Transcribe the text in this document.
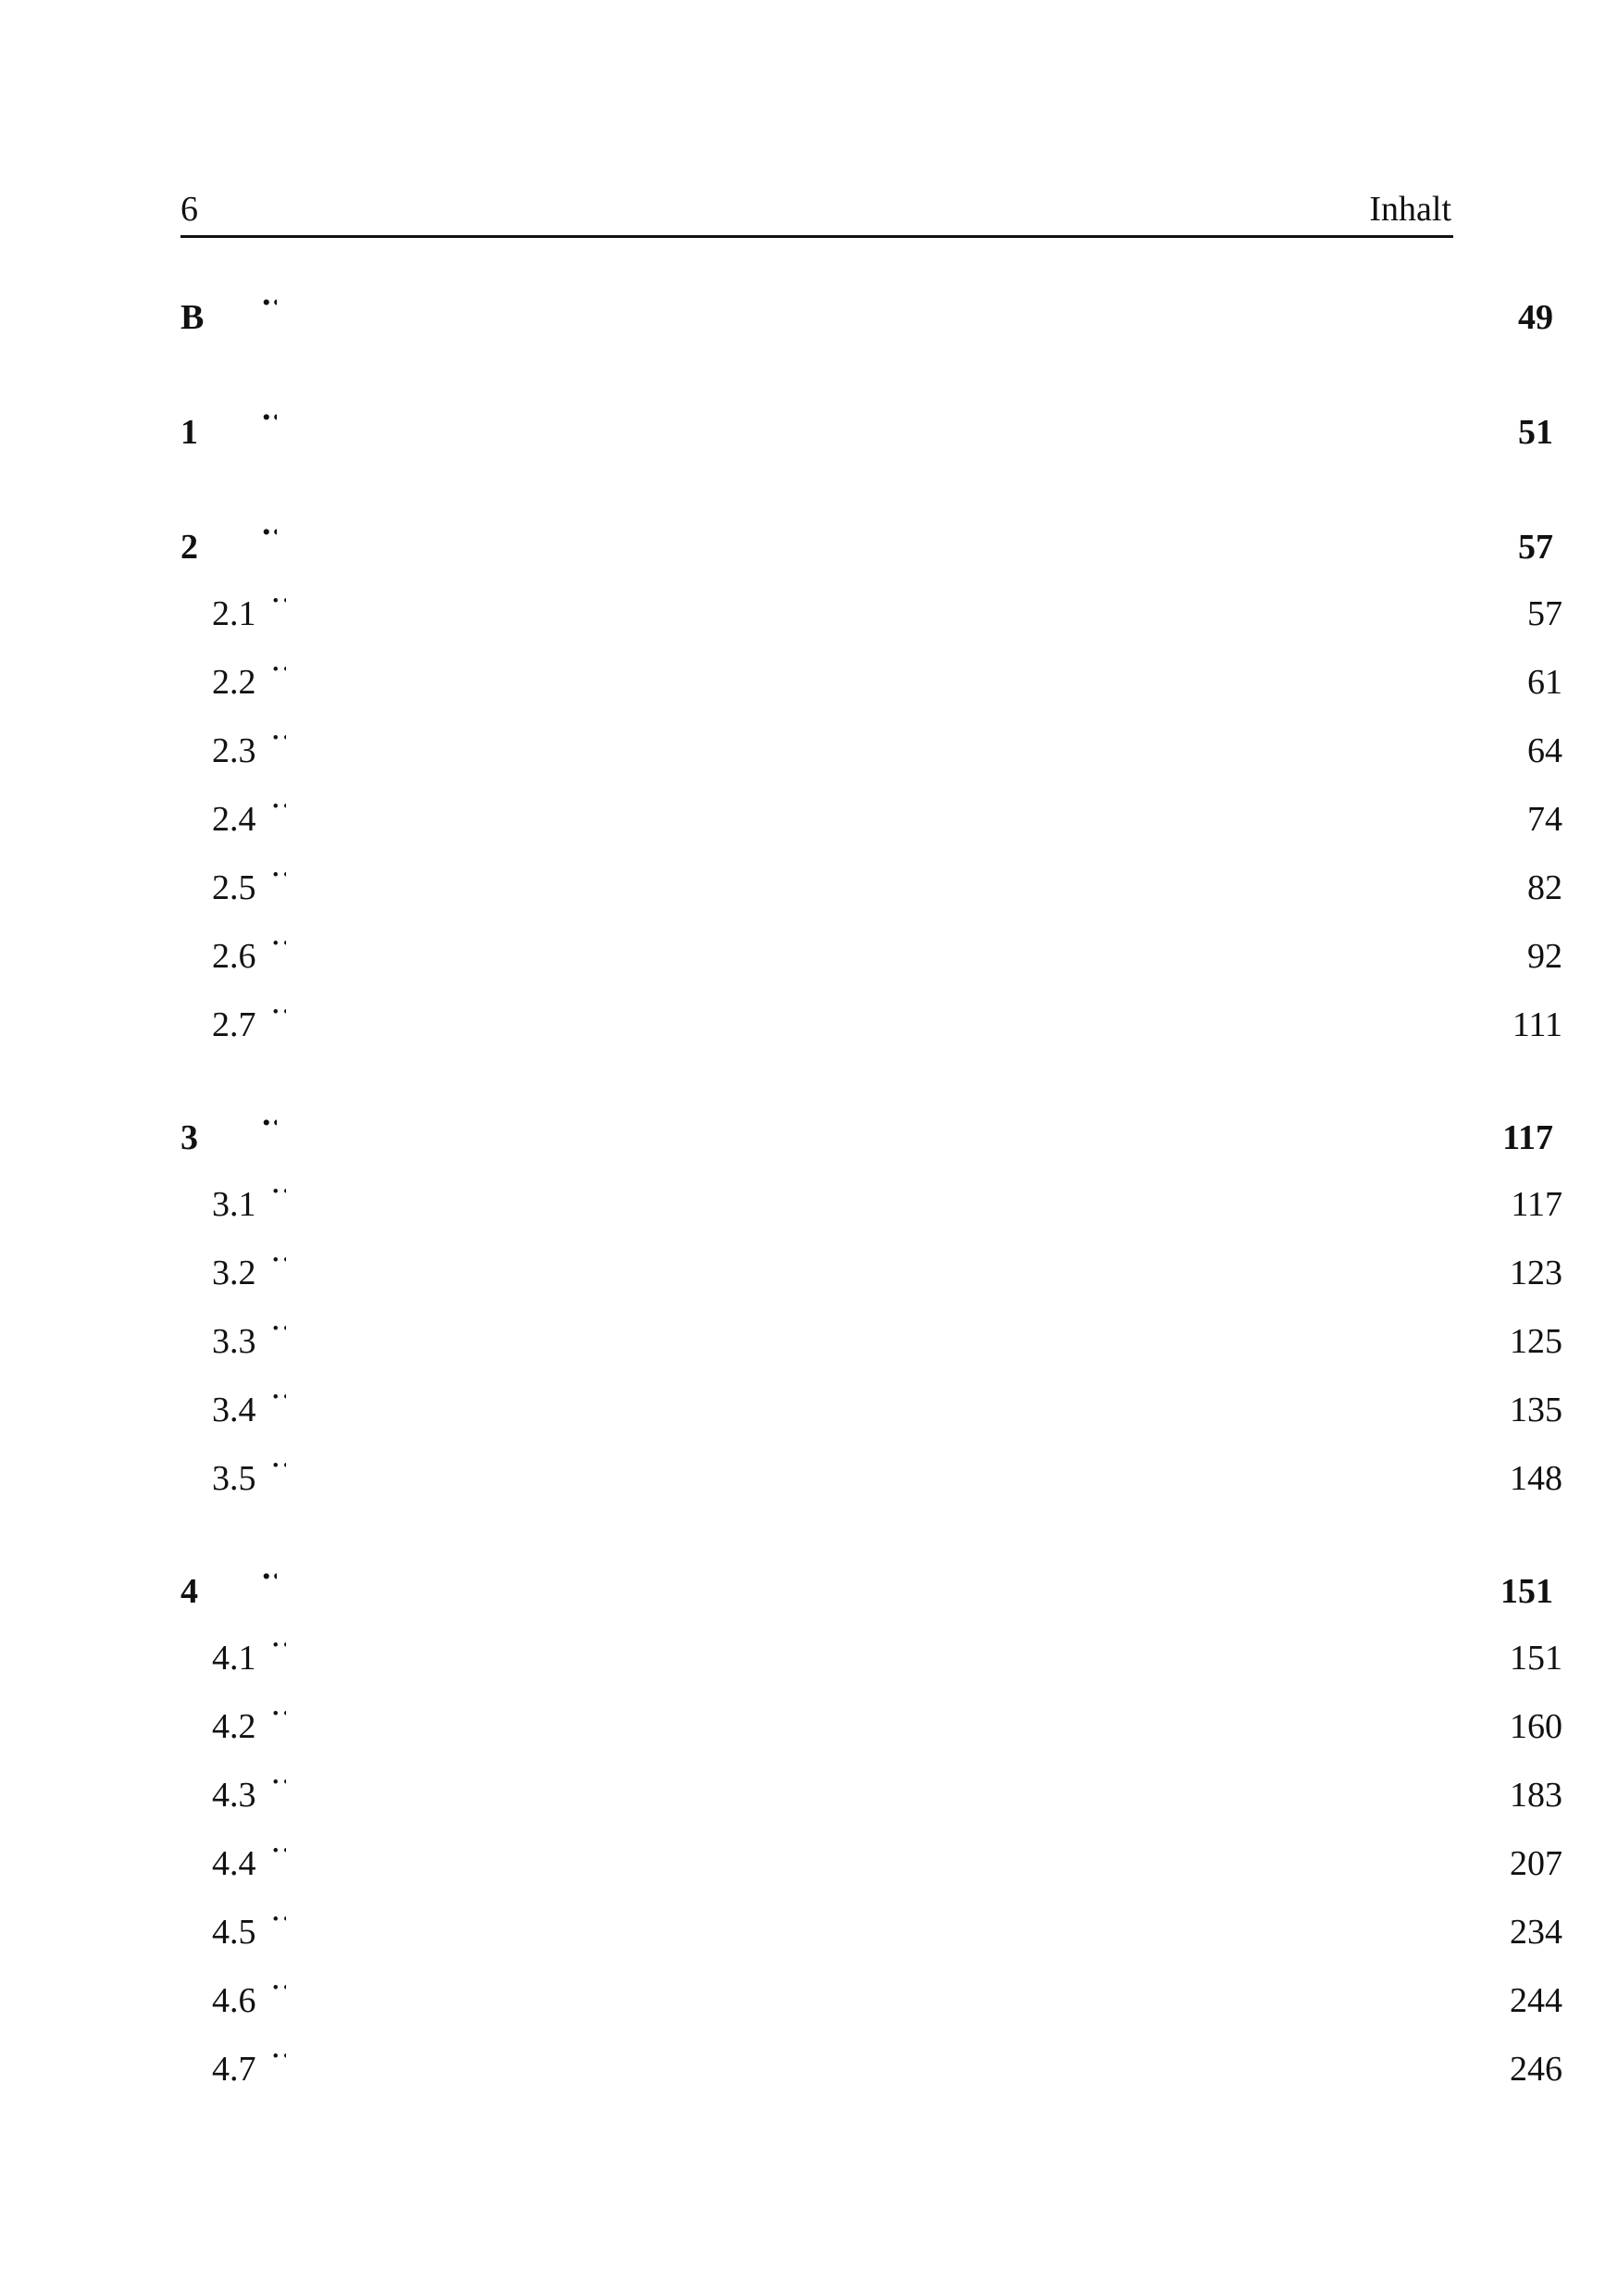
6	Inhalt
B .....	49
1 .....	51
2 .....	57
2.1 .....	57
2.2 .....	61
2.3 .....	64
2.4 .....	74
2.5 .....	82
2.6 .....	92
2.7 .....	111
3 .....	117
3.1 .....	117
3.2 .....	123
3.3 .....	125
3.4 .....	135
3.5 .....	148
4 .....	151
4.1 .....	151
4.2 .....	160
4.3 .....	183
4.4 .....	207
4.5 .....	234
4.6 .....	244
4.7 .....	246
